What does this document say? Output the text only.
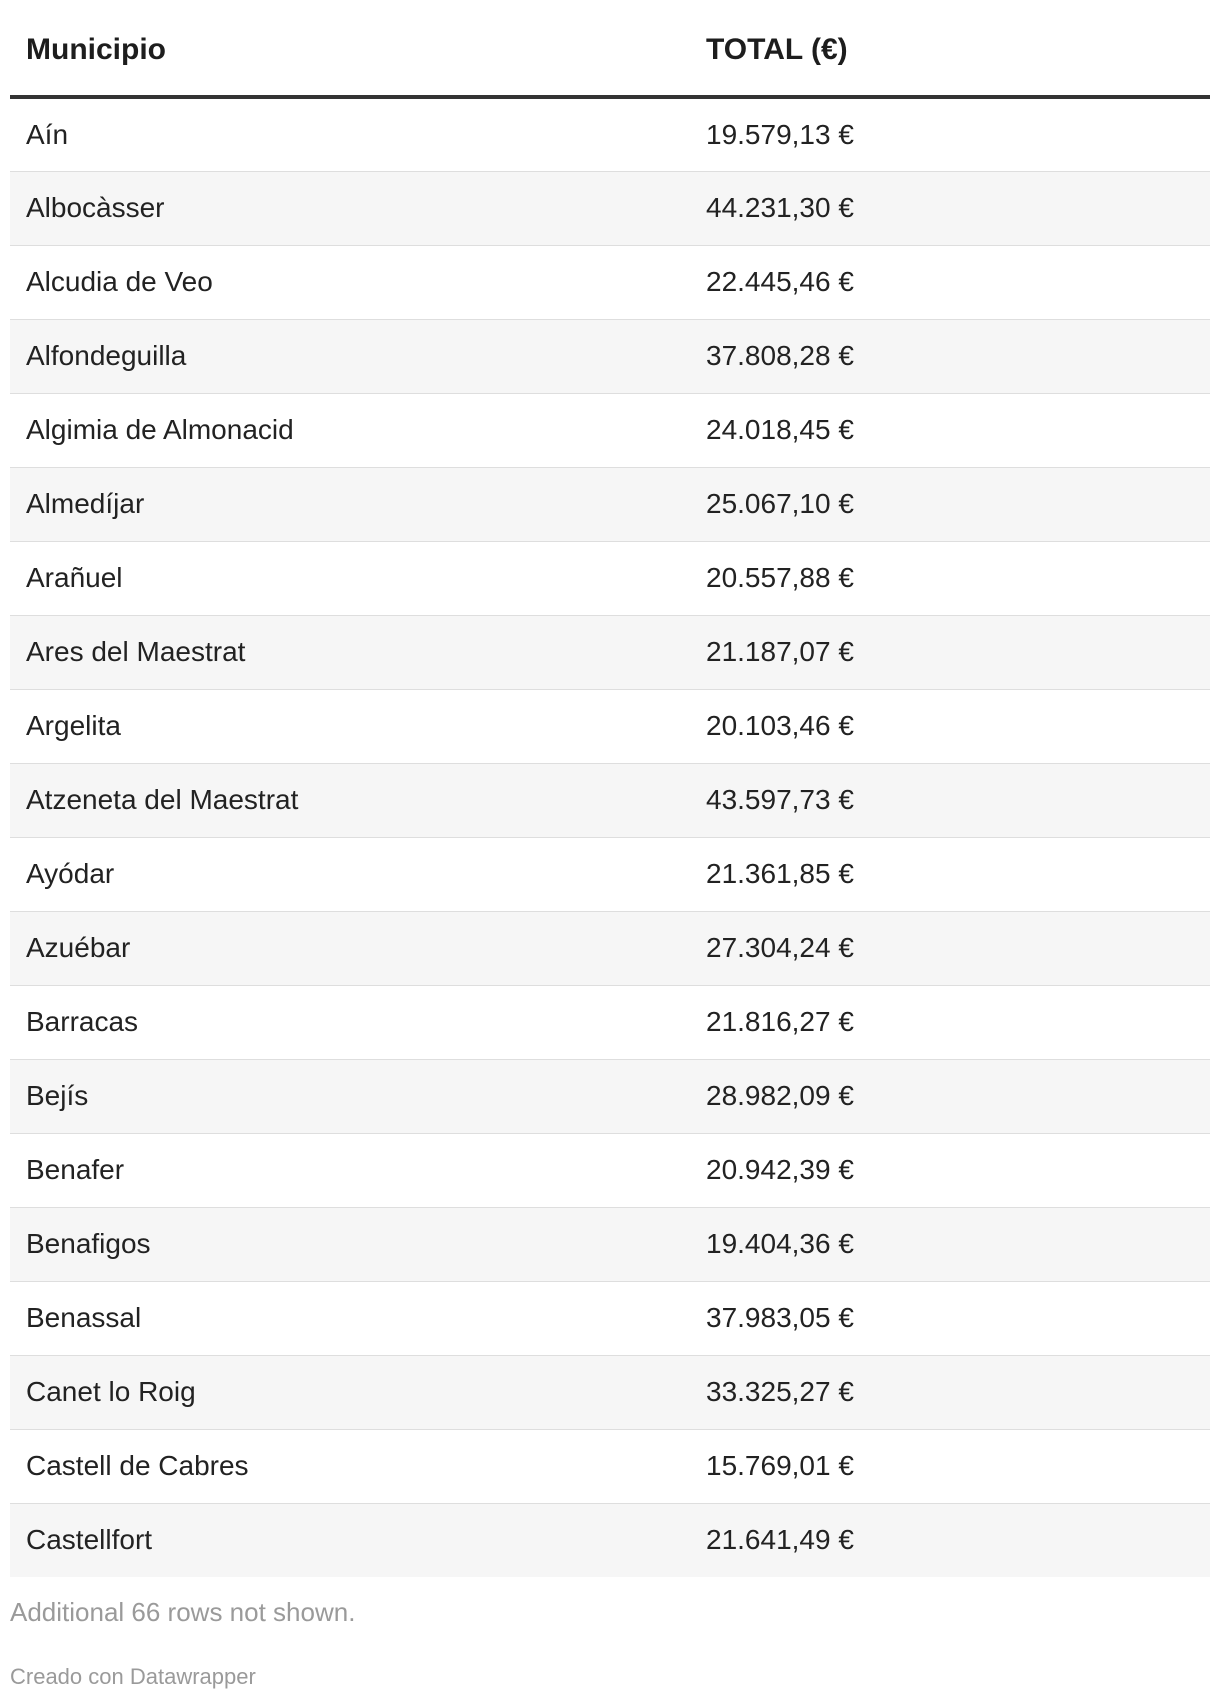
Municipio	TOTAL (€)
Aín	19.579,13 €
Albocàsser	44.231,30 €
Alcudia de Veo	22.445,46 €
Alfondeguilla	37.808,28 €
Algimia de Almonacid	24.018,45 €
Almedíjar	25.067,10 €
Arañuel	20.557,88 €
Ares del Maestrat	21.187,07 €
Argelita	20.103,46 €
Atzeneta del Maestrat	43.597,73 €
Ayódar	21.361,85 €
Azuébar	27.304,24 €
Barracas	21.816,27 €
Bejís	28.982,09 €
Benafer	20.942,39 €
Benafigos	19.404,36 €
Benassal	37.983,05 €
Canet lo Roig	33.325,27 €
Castell de Cabres	15.769,01 €
Castellfort	21.641,49 €
Additional 66 rows not shown.
Creado con Datawrapper
